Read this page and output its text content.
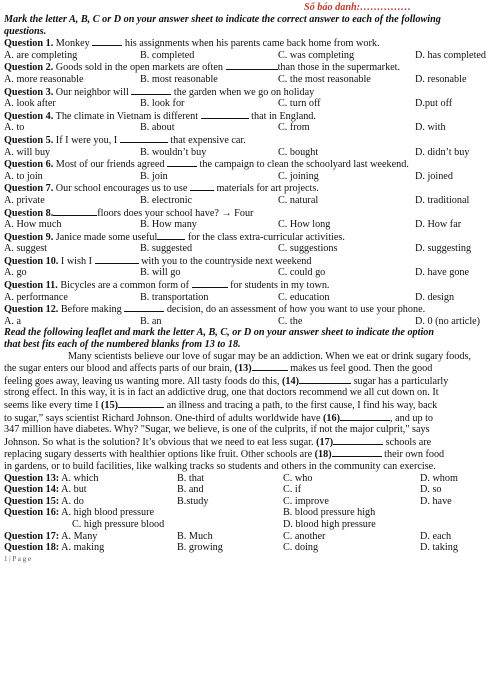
Số báo danh:……………
Mark the letter A, B, C or D on your answer sheet to indicate the correct answer to each of the following
questions.
Question 1. Monkey	his assignments when his parents came back home from work.
A. are completing	B. completed	C. was completing	D. has completed
Question 2. Goods sold in the open markets are often	than those in the supermarket.
A. more reasonable	B. most reasonable	C. the most reasonable	D. resonable
Question 3. Our neighbor will	the garden when we go on holiday
A. look after	B. look for	C. turn off	D.put off
Question 4. The climate in Vietnam is different	that in England.
A. to	B. about	C. from	D. with
Question 5. If I were you, I	that expensive car.
A. will buy	B. wouldn’t buy	C. bought	D. didn’t buy
Question 6. Most of our friends agreed	the campaign to clean the schoolyard last weekend.
A. to join	B. join	C. joining	D. joined
Question 7. Our school encourages us to use  materials for art projects.
A. private	B. electronic	C. natural	D. traditional
Question 8.	floors does your school have? → Four
A. How much	B. How many	C. How long	D. How far
Question 9. Janice made some useful	for the class extra-curricular activities.
A. suggest	B. suggested	C. suggestions	D. suggesting
Question 10. I wish I	with you to the countryside next weekend
A. go	B. will go	C. could go	D. have gone
Question 11. Bicycles are a common form of	for students in my town.
A. performance	B. transportation	C. education	D. design
Question 12. Before making	decision, do an assessment of how you want to use your phone.
A. a	B. an	C. the	D. 0 (no article)
Read the following leaflet and mark the letter A, B, C, or D on your answer sheet to indicate the option
that best fits each of the numbered blanks from 13 to 18.
Many scientists believe our love of sugar may be an addiction. When we eat or drink sugary foods,
the sugar enters our blood and affects parts of our brain, (13)	makes us feel good. Then the good
feeling goes away, leaving us wanting more. All tasty foods do this, (14)	sugar has a particularly
strong effect. In this way, it is in fact an addictive drug, one that doctors recommend we all cut down on. It
seems like every time I (15)	an illness and tracing a path, to the first cause, I find his way, back
to sugar,” says scientist Richard Johnson. One-third of adults worldwide have (16)	, and up to
347 million have diabetes. Why? "Sugar, we believe, is one of the culprits, if not the major culprit," says
Johnson. So what is the solution? It’s obvious that we need to eat less sugar. (17)	schools are
replacing sugary desserts with healthier options like fruit. Other schools are (18)	their own food
in gardens, or to build facilities, like walking tracks so students and others in the community can exercise.
Question 13: A. which	B. that	C. who	D. whom
Question 14: A. but	B. and	C. if	D. so
Question 15: A. do	B.study	C. improve	D. have
Question 16: A. high blood pressure	B. blood pressure high
C. high pressure blood	D. blood high pressure
Question 17: A. Many	B. Much	C. another	D. each
Question 18: A. making	B. growing	C. doing	D. taking
1 | P a g e
